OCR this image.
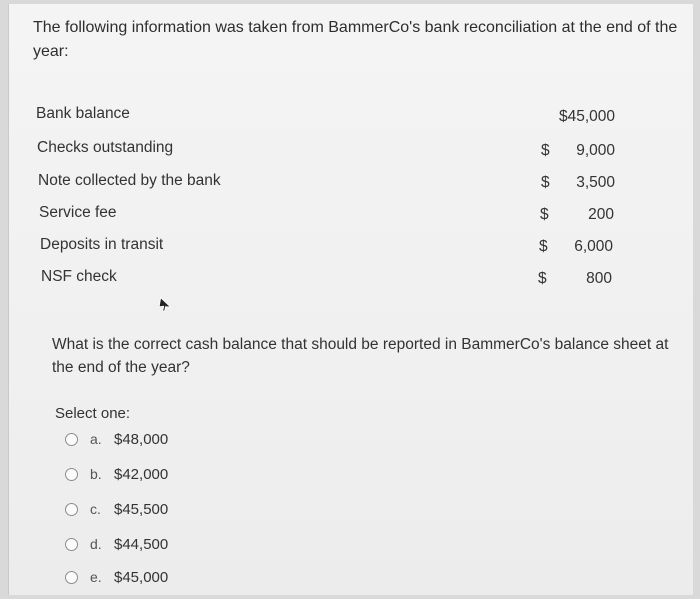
The following information was taken from BammerCo's bank reconciliation at the end of the year:

Bank balance	$ 45,000
Checks outstanding	$ 9,000
Note collected by the bank	$ 3,500
Service fee	$	200
Deposits in transit	$ 6,000
NSF check	$	800

What is the correct cash balance that should be reported in BammerCo's balance sheet at the end of the year?

Select one:
a. $48,000
b. $42,000
c. $45,500
d. $44,500
e. $45,000
